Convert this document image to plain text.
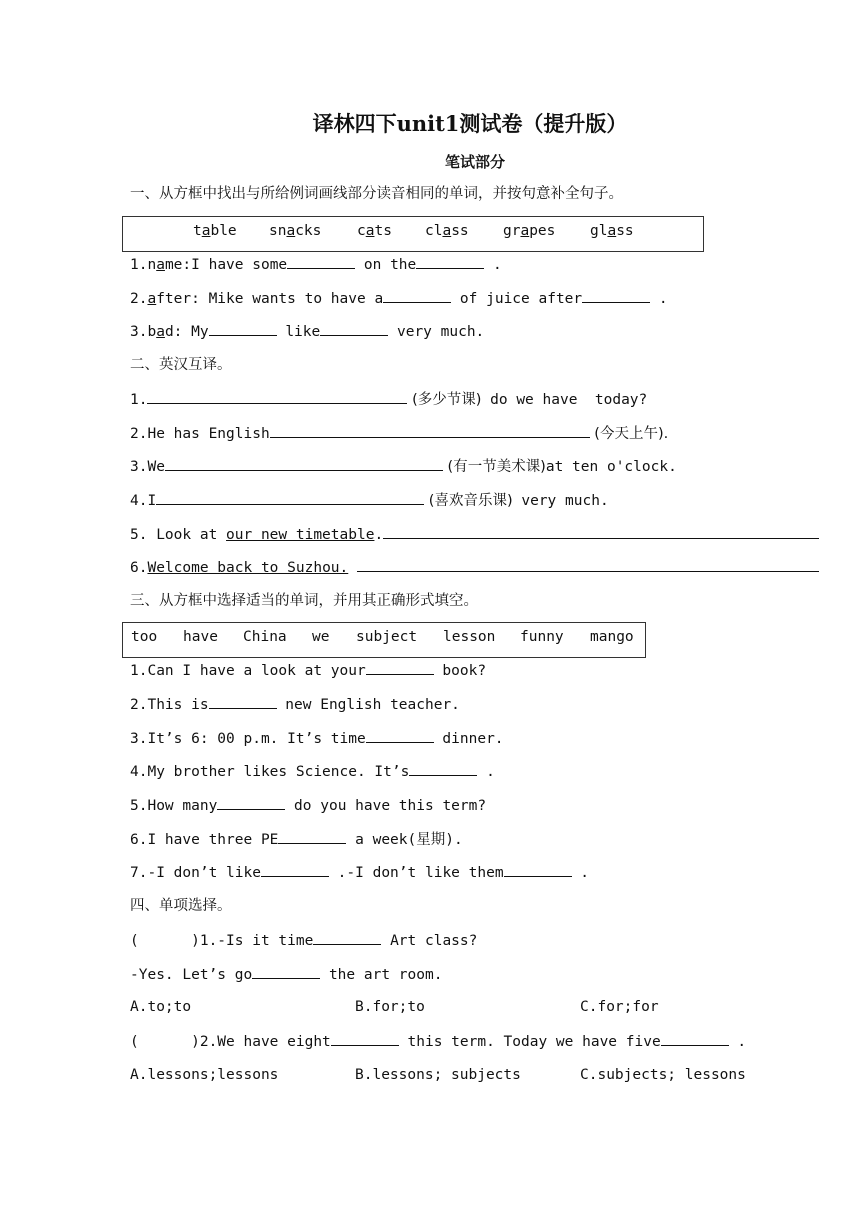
译林四下unit1测试卷（提升版）
笔试部分
一、从方框中找出与所给例词画线部分读音相同的单词，并按句意补全句子。
table snacks cats class grapes glass
1.name:I have some	on the	.
2.after: Mike wants to have a	of juice after	.
3.bad: My	like	very much.
二、英汉互译。
1.	(多少节课) do we have  today?
2.He has English	(今天上午).
3.We	(有一节美术课)at ten o'clock.
4.I	(喜欢音乐课) very much.
5. Look at our new timetable.
6.Welcome back to Suzhou.
三、从方框中选择适当的单词，并用其正确形式填空。
too have China we subject lesson funny mango
1.Can I have a look at your	book?
2.This is	new English teacher.
3.It’s 6: 00 p.m. It’s time	dinner.
4.My brother likes Science. It’s	.
5.How many	do you have this term?
6.I have three PE	a week(星期).
7.-I don’t like	.-I don’t like them	.
四、单项选择。
(      )1.-Is it time	Art class?
-Yes. Let’s go	the art room.
A.to;to	B.for;to	C.for;for
(      )2.We have eight	this term. Today we have five	.
A.lessons;lessons	B.lessons; subjects	C.subjects; lessons
